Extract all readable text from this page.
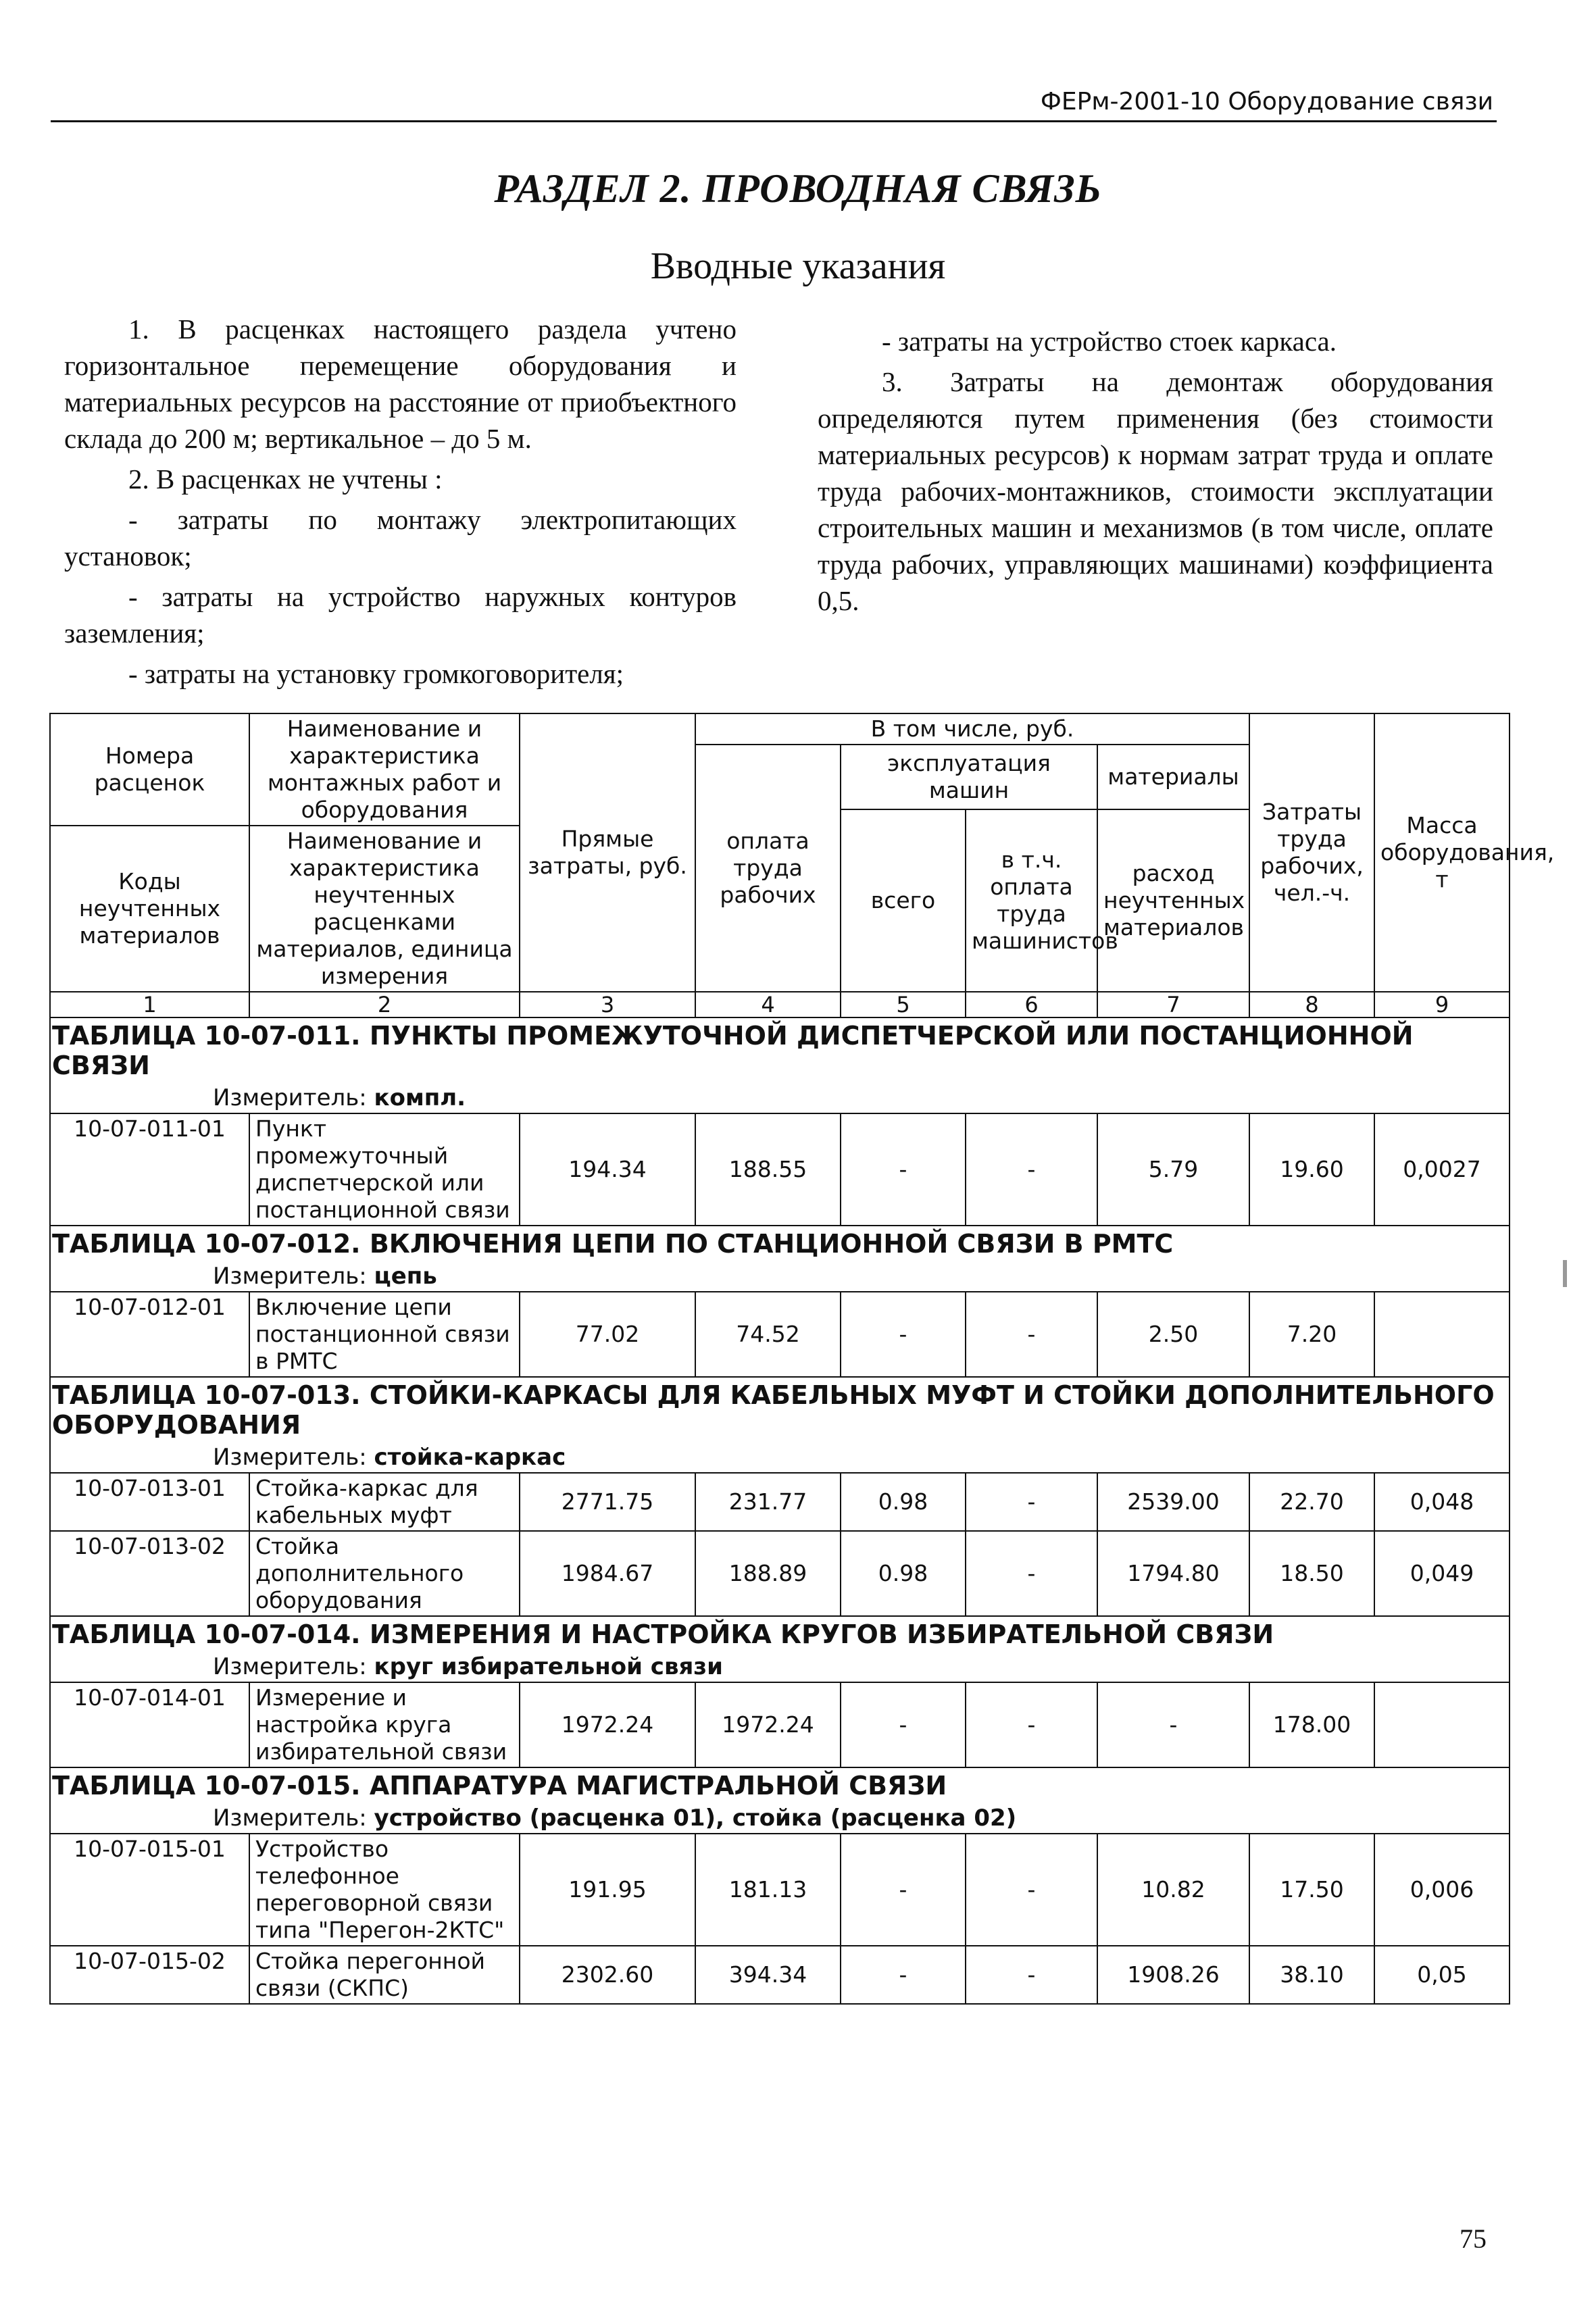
ФЕРм-2001-10 Оборудование связи
РАЗДЕЛ 2. ПРОВОДНАЯ СВЯЗЬ
Вводные указания

1. В расценках настоящего раздела учтено горизонтальное перемещение оборудования и материальных ресурсов на расстояние от приобъектного склада до 200 м; вертикальное – до 5 м.

2. В расценках не учтены :

- затраты по монтажу электропитающих установок;

- затраты на устройство наружных контуров заземления;

- затраты на установку громкоговорителя;

- затраты на устройство стоек каркаса.

3. Затраты на демонтаж оборудования определяются путем применения (без стоимости материальных ресурсов) к нормам затрат труда и оплате труда рабочих-монтажников, стоимости эксплуатации строительных машин и механизмов (в том числе, оплате труда рабочих, управляющих машинами) коэффициента 0,5.

Номера расценок	Наименование и характеристика монтажных работ и оборудования	Прямые затраты, руб.	В том числе, руб.				Затраты труда рабочих, чел.-ч.	Масса оборудования, т
			оплата труда рабочих	эксплуатация машин		материалы		
				всего	в т.ч. оплата труда машинистов	расход неучтенных материалов		
Коды неучтенных материалов	Наименование и характеристика неучтенных расценками материалов, единица измерения							

1	2	3	4	5	6	7	8	9
ТАБЛИЦА 10-07-011. ПУНКТЫ ПРОМЕЖУТОЧНОЙ ДИСПЕТЧЕРСКОЙ ИЛИ ПОСТАНЦИОННОЙ СВЯЗИ								
Измеритель: компл.								
10-07-011-01	Пункт промежуточный диспетчерской или постанционной связи	194.34	188.55	-	-	5.79	19.60	0,0027
ТАБЛИЦА 10-07-012. ВКЛЮЧЕНИЯ ЦЕПИ ПО СТАНЦИОННОЙ СВЯЗИ В РМТС								
Измеритель: цепь								
10-07-012-01	Включение цепи постанционной связи в РМТС	77.02	74.52	-	-	2.50	7.20	
ТАБЛИЦА 10-07-013. СТОЙКИ-КАРКАСЫ ДЛЯ КАБЕЛЬНЫХ МУФТ И СТОЙКИ ДОПОЛНИТЕЛЬНОГО ОБОРУДОВАНИЯ								
Измеритель: стойка-каркас								
10-07-013-01	Стойка-каркас для кабельных муфт	2771.75	231.77	0.98	-	2539.00	22.70	0,048
10-07-013-02	Стойка дополнительного оборудования	1984.67	188.89	0.98	-	1794.80	18.50	0,049
ТАБЛИЦА 10-07-014. ИЗМЕРЕНИЯ И НАСТРОЙКА КРУГОВ ИЗБИРАТЕЛЬНОЙ СВЯЗИ								
Измеритель: круг избирательной связи								
10-07-014-01	Измерение и настройка круга избирательной связи	1972.24	1972.24	-	-	-	178.00	
ТАБЛИЦА 10-07-015. АППАРАТУРА МАГИСТРАЛЬНОЙ СВЯЗИ								
Измеритель: устройство (расценка 01), стойка (расценка 02)								
10-07-015-01	Устройство телефонное переговорной связи типа "Перегон-2КТС"	191.95	181.13	-	-	10.82	17.50	0,006
10-07-015-02	Стойка перегонной связи (СКПС)	2302.60	394.34	-	-	1908.26	38.10	0,05
75
